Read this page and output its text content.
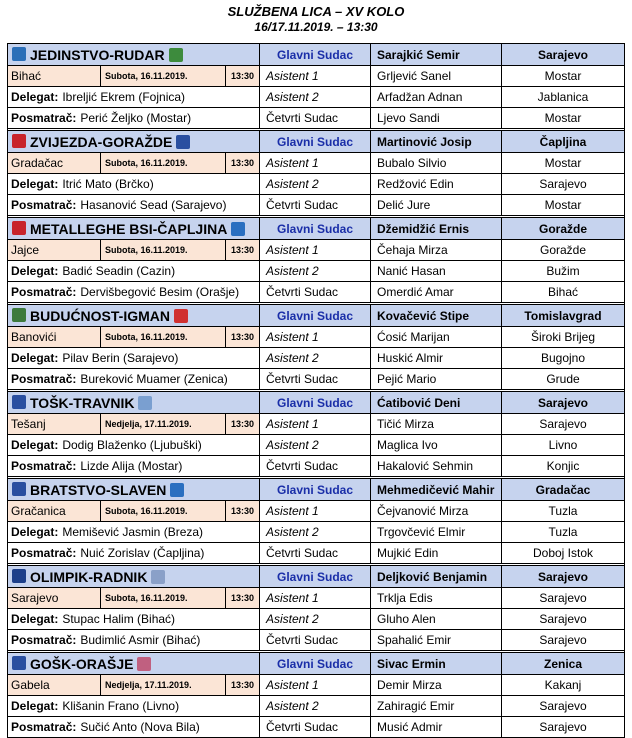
SLUŽBENA LICA – XV KOLO
16/17.11.2019. – 13:30
JEDINSTVO-RUDAR	Glavni Sudac	Sarajkić Semir	Sarajevo
Bihać	Subota, 16.11.2019.	13:30 Asistent 1	Grljević Sanel	Mostar
Delegat: Ibreljić Ekrem (Fojnica)	Asistent 2	Arfadžan Adnan	Jablanica
Posmatrač: Perić Željko (Mostar)	Četvrti Sudac	Ljevo Sandi	Mostar
ZVIJEZDA-GORAŽDE	Glavni Sudac	Martinović Josip	Čapljina
Gradačac	Subota, 16.11.2019.	13:30 Asistent 1	Bubalo Silvio	Mostar
Delegat: Itrić Mato (Brčko)	Asistent 2	Redžović Edin	Sarajevo
Posmatrač: Hasanović Sead (Sarajevo)	Četvrti Sudac	Delić Jure	Mostar
METALLEGHE BSI-ČAPLJINA	Glavni Sudac	Džemidžić Ernis	Goražde
Jajce	Subota, 16.11.2019.	13:30 Asistent 1	Čehaja Mirza	Goražde
Delegat: Badić Seadin (Cazin)	Asistent 2	Nanić Hasan	Bužim
Posmatrač: Dervišbegović Besim (Orašje)	Četvrti Sudac	Omerdić Amar	Bihać
BUDUĆNOST-IGMAN	Glavni Sudac	Kovačević Stipe	Tomislavgrad
Banovići	Subota, 16.11.2019.	13:30 Asistent 1	Ćosić Marijan	Široki Brijeg
Delegat: Pilav Berin (Sarajevo)	Asistent 2	Huskić Almir	Bugojno
Posmatrač: Bureković Muamer (Zenica)	Četvrti Sudac	Pejić Mario	Grude
TOŠK-TRAVNIK	Glavni Sudac	Ćatibović Deni	Sarajevo
Tešanj	Nedjelja, 17.11.2019.	13:30 Asistent 1	Tičić Mirza	Sarajevo
Delegat: Dodig Blaženko (Ljubuški)	Asistent 2	Maglica Ivo	Livno
Posmatrač: Lizde Alija (Mostar)	Četvrti Sudac	Hakalović Sehmin	Konjic
BRATSTVO-SLAVEN	Glavni Sudac	Mehmedičević Mahir	Gradačac
Gračanica	Subota, 16.11.2019.	13:30 Asistent 1	Čejvanović Mirza	Tuzla
Delegat: Memišević Jasmin (Breza)	Asistent 2	Trgovčević Elmir	Tuzla
Posmatrač: Nuić Zorislav (Čapljina)	Četvrti Sudac	Mujkić Edin	Doboj Istok
OLIMPIK-RADNIK	Glavni Sudac	Deljković Benjamin	Sarajevo
Sarajevo	Subota, 16.11.2019.	13:30 Asistent 1	Trklja Edis	Sarajevo
Delegat: Stupac Halim (Bihać)	Asistent 2	Gluho Alen	Sarajevo
Posmatrač: Budimlić Asmir (Bihać)	Četvrti Sudac	Spahalić Emir	Sarajevo
GOŠK-ORAŠJE	Glavni Sudac	Sivac Ermin	Zenica
Gabela	Nedjelja, 17.11.2019.	13:30 Asistent 1	Demir Mirza	Kakanj
Delegat: Klišanin Frano (Livno)	Asistent 2	Zahiragić Emir	Sarajevo
Posmatrač: Sučić Anto (Nova Bila)	Četvrti Sudac	Musić Admir	Sarajevo
